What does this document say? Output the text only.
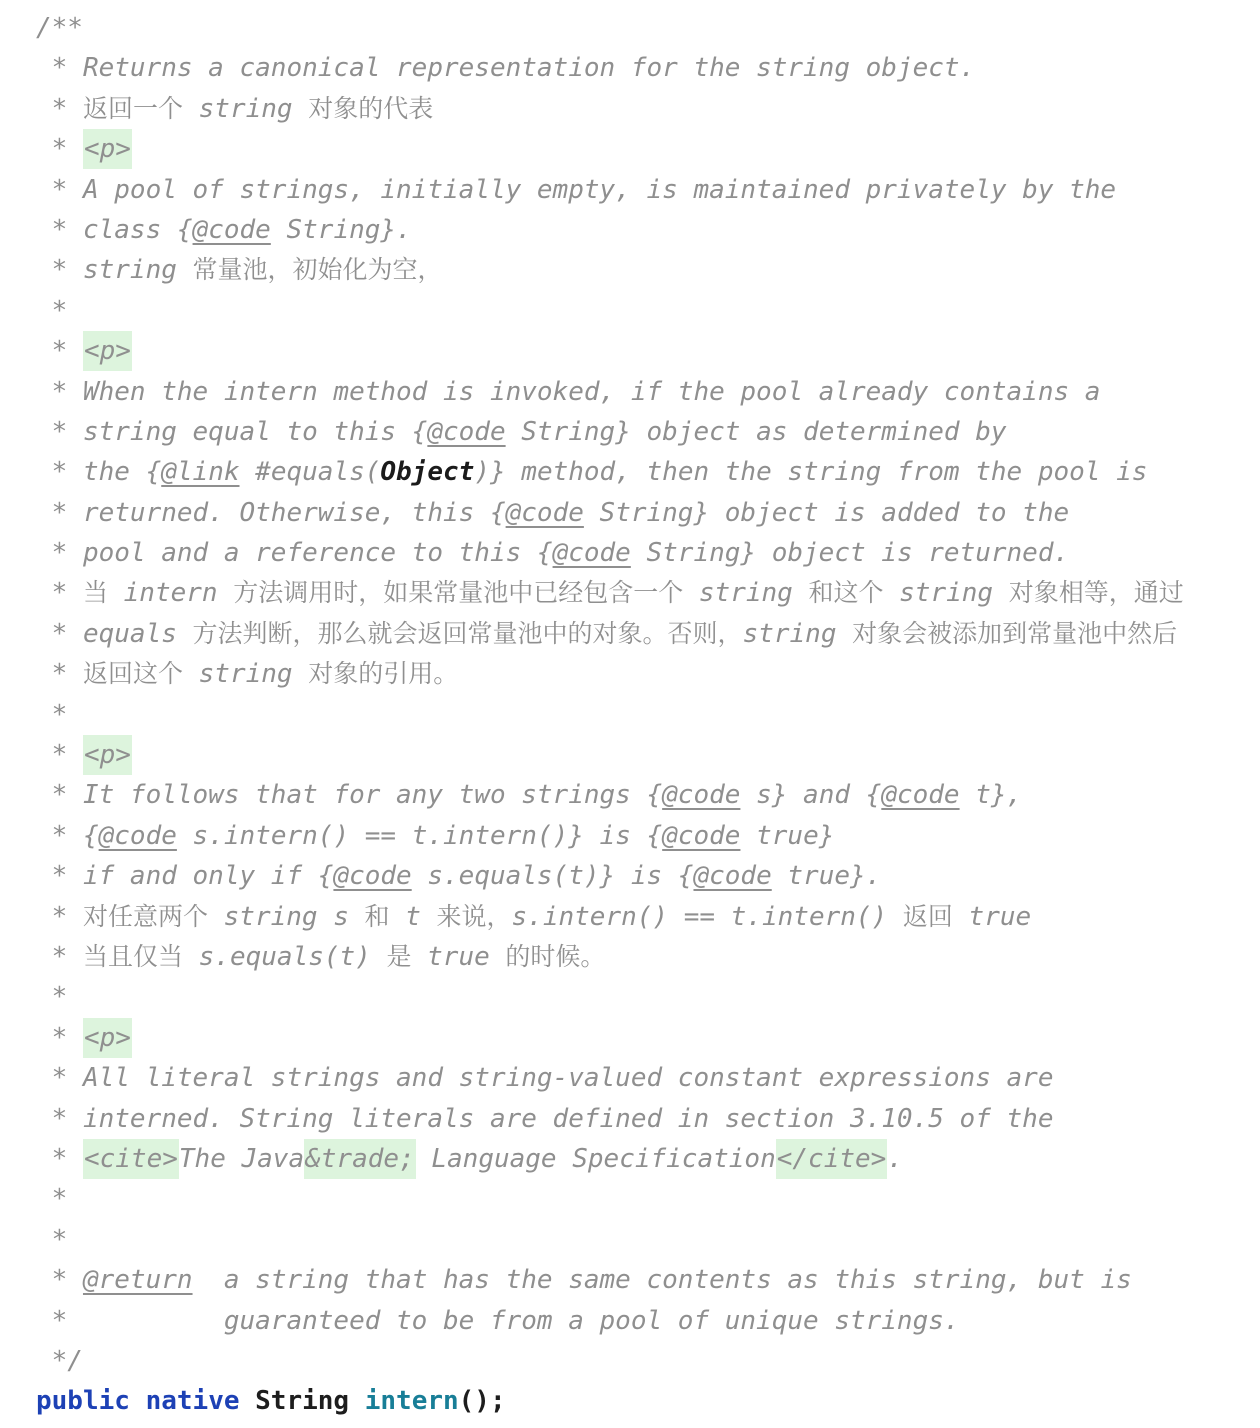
/**
* Returns a canonical representation for the string object.
* 返回一个 string 对象的代表
* <p>
* A pool of strings, initially empty, is maintained privately by the
* class {@code String}.
* string 常量池，初始化为空，
*
* <p>
* When the intern method is invoked, if the pool already contains a
* string equal to this {@code String} object as determined by
* the {@link #equals(Object)} method, then the string from the pool is
* returned. Otherwise, this {@code String} object is added to the
* pool and a reference to this {@code String} object is returned.
* 当 intern 方法调用时，如果常量池中已经包含一个 string 和这个 string 对象相等，通过
* equals 方法判断，那么就会返回常量池中的对象。否则，string 对象会被添加到常量池中然后
* 返回这个 string 对象的引用。
*
* <p>
* It follows that for any two strings {@code s} and {@code t},
* {@code s.intern() == t.intern()} is {@code true}
* if and only if {@code s.equals(t)} is {@code true}.
* 对任意两个 string s 和 t 来说，s.intern() == t.intern() 返回 true
* 当且仅当 s.equals(t) 是 true 的时候。
*
* <p>
* All literal strings and string-valued constant expressions are
* interned. String literals are defined in section 3.10.5 of the
* <cite>The Java&trade; Language Specification</cite>.
*
*
* @return  a string that has the same contents as this string, but is
*          guaranteed to be from a pool of unique strings.
*/
public native String intern();
